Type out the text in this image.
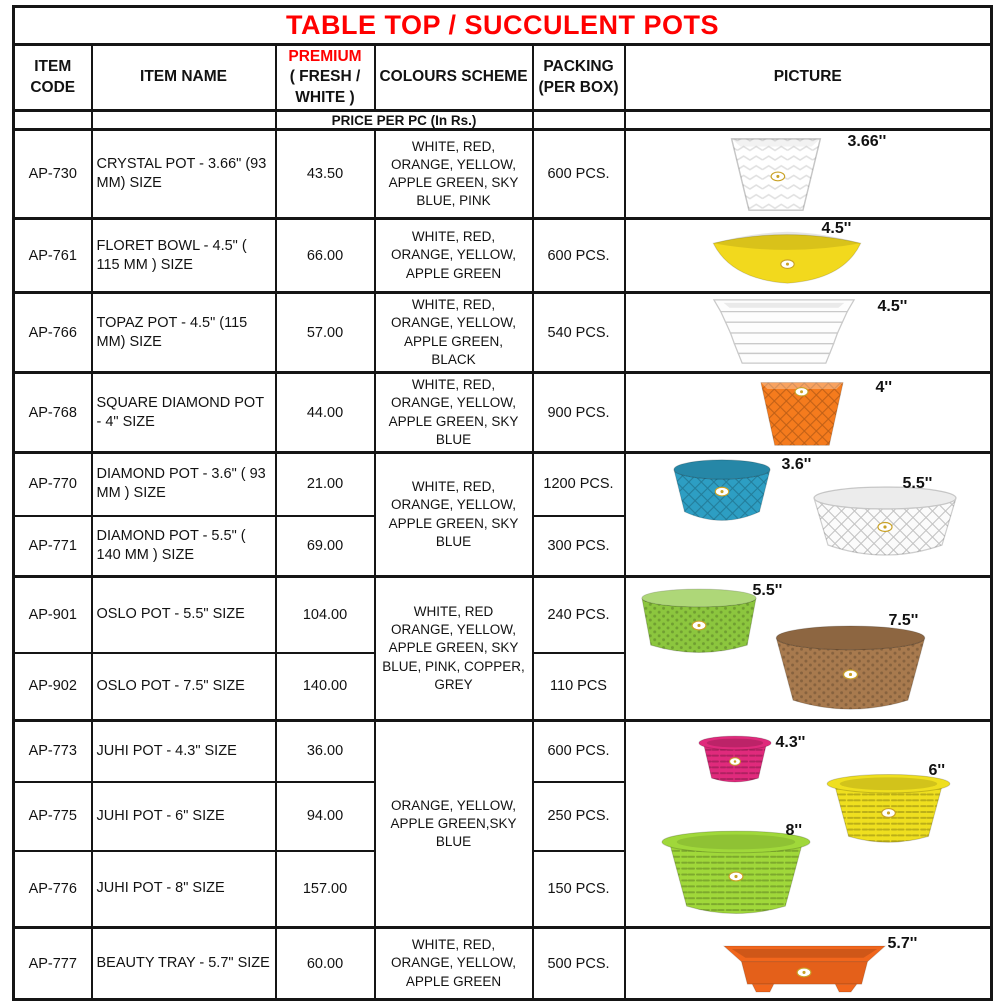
TABLE TOP / SUCCULENT POTS					
ITEM CODE	ITEM NAME	PREMIUM
( FRESH / WHITE )	COLOURS SCHEME	PACKING (PER BOX)	PICTURE
		PRICE PER PC (In Rs.)			
AP-730	CRYSTAL POT - 3.66" (93 MM) SIZE	43.50	WHITE, RED, ORANGE, YELLOW, APPLE GREEN, SKY BLUE, PINK	600 PCS.	3.66''

AP-761	FLORET BOWL - 4.5" ( 115 MM ) SIZE	66.00	WHITE, RED, ORANGE, YELLOW, APPLE GREEN	600 PCS.	4.5''

AP-766	TOPAZ POT - 4.5" (115 MM) SIZE	57.00	WHITE, RED, ORANGE, YELLOW, APPLE GREEN, BLACK	540 PCS.	4.5''

AP-768	SQUARE DIAMOND POT - 4" SIZE	44.00	WHITE, RED, ORANGE, YELLOW, APPLE GREEN, SKY BLUE	900 PCS.	4''

AP-770	DIAMOND POT - 3.6" ( 93 MM ) SIZE	21.00	WHITE, RED, ORANGE, YELLOW, APPLE GREEN, SKY BLUE	1200 PCS.	3.6''
5.5''

AP-771	DIAMOND POT - 5.5" ( 140 MM ) SIZE	69.00		300 PCS.	
AP-901	OSLO POT - 5.5" SIZE	104.00	WHITE, RED ORANGE, YELLOW, APPLE GREEN, SKY BLUE, PINK, COPPER, GREY	240 PCS.	5.5''
7.5''

AP-902	OSLO POT - 7.5" SIZE	140.00		110 PCS	
AP-773	JUHI POT - 4.3" SIZE	36.00	ORANGE, YELLOW, APPLE GREEN,SKY BLUE	600 PCS.	4.3''
6''
8''

AP-775	JUHI POT - 6" SIZE	94.00		250 PCS.	
AP-776	JUHI POT - 8" SIZE	157.00		150 PCS.	
AP-777	BEAUTY TRAY - 5.7" SIZE	60.00	WHITE, RED, ORANGE, YELLOW, APPLE GREEN	500 PCS.	5.7''
